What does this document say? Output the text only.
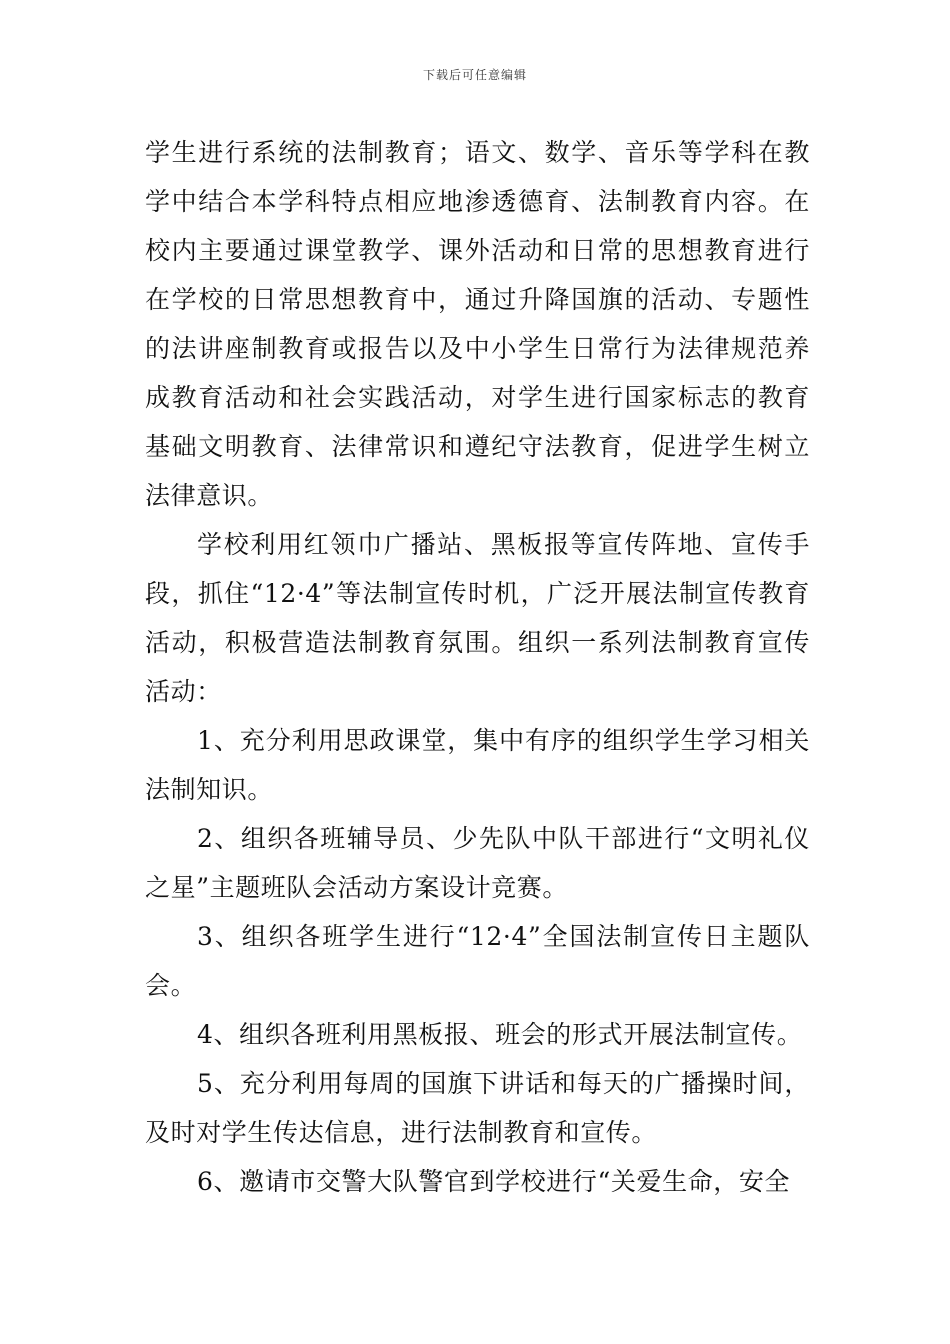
下载后可任意编辑

学生进行系统的法制教育；语文、数学、音乐等学科在教学中结合本学科特点相应地渗透德育、法制教育内容。在校内主要通过课堂教学、课外活动和日常的思想教育进行在学校的日常思想教育中，通过升降国旗的活动、专题性的法讲座制教育或报告以及中小学生日常行为法律规范养成教育活动和社会实践活动，对学生进行国家标志的教育基础文明教育、法律常识和遵纪守法教育，促进学生树立法律意识。

学校利用红领巾广播站、黑板报等宣传阵地、宣传手段，抓住“12·4”等法制宣传时机，广泛开展法制宣传教育活动，积极营造法制教育氛围。组织一系列法制教育宣传活动：

1、充分利用思政课堂，集中有序的组织学生学习相关法制知识。

2、组织各班辅导员、少先队中队干部进行“文明礼仪之星”主题班队会活动方案设计竞赛。

3、组织各班学生进行“12·4”全国法制宣传日主题队会。

4、组织各班利用黑板报、班会的形式开展法制宣传。

5、充分利用每周的国旗下讲话和每天的广播操时间，及时对学生传达信息，进行法制教育和宣传。

6、邀请市交警大队警官到学校进行“关爱生命，安全
